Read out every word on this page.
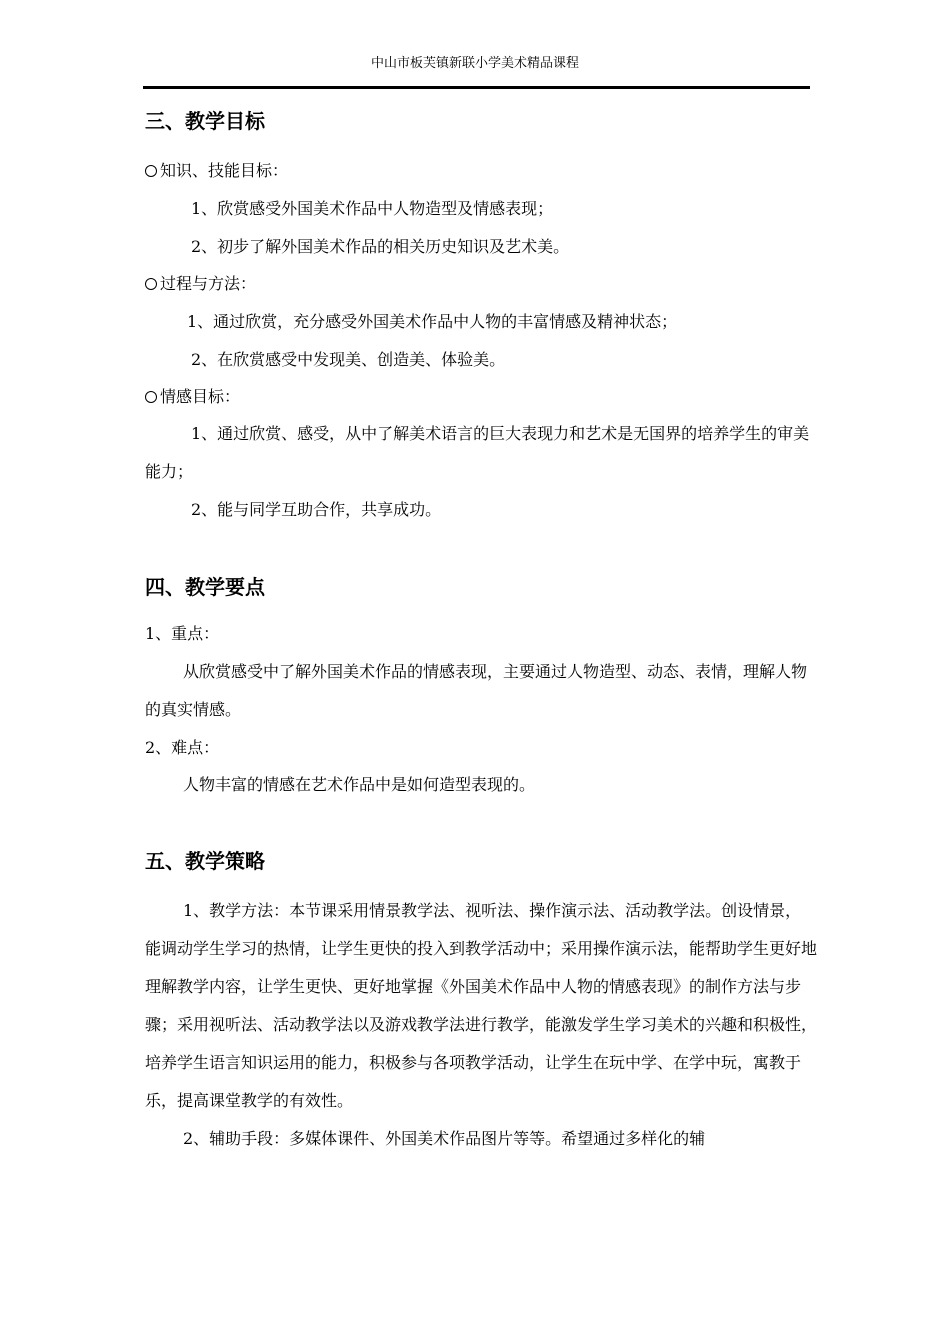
中山市板芙镇新联小学美术精品课程
三、教学目标

知识、技能目标：

1、欣赏感受外国美术作品中人物造型及情感表现；

2、初步了解外国美术作品的相关历史知识及艺术美。

过程与方法：

1、通过欣赏，充分感受外国美术作品中人物的丰富情感及精神状态；

2、在欣赏感受中发现美、创造美、体验美。

情感目标：

1、通过欣赏、感受，从中了解美术语言的巨大表现力和艺术是无国界的培养学生的审美能力；

2、能与同学互助合作，共享成功。

四、教学要点

1、重点：

从欣赏感受中了解外国美术作品的情感表现，主要通过人物造型、动态、表情，理解人物的真实情感。

2、难点：

人物丰富的情感在艺术作品中是如何造型表现的。

五、教学策略

1、教学方法：本节课采用情景教学法、视听法、操作演示法、活动教学法。创设情景，能调动学生学习的热情，让学生更快的投入到教学活动中；采用操作演示法，能帮助学生更好地理解教学内容，让学生更快、更好地掌握《外国美术作品中人物的情感表现》的制作方法与步骤；采用视听法、活动教学法以及游戏教学法进行教学，能激发学生学习美术的兴趣和积极性，培养学生语言知识运用的能力，积极参与各项教学活动，让学生在玩中学、在学中玩，寓教于乐，提高课堂教学的有效性。

2、辅助手段：多媒体课件、外国美术作品图片等等。希望通过多样化的辅
